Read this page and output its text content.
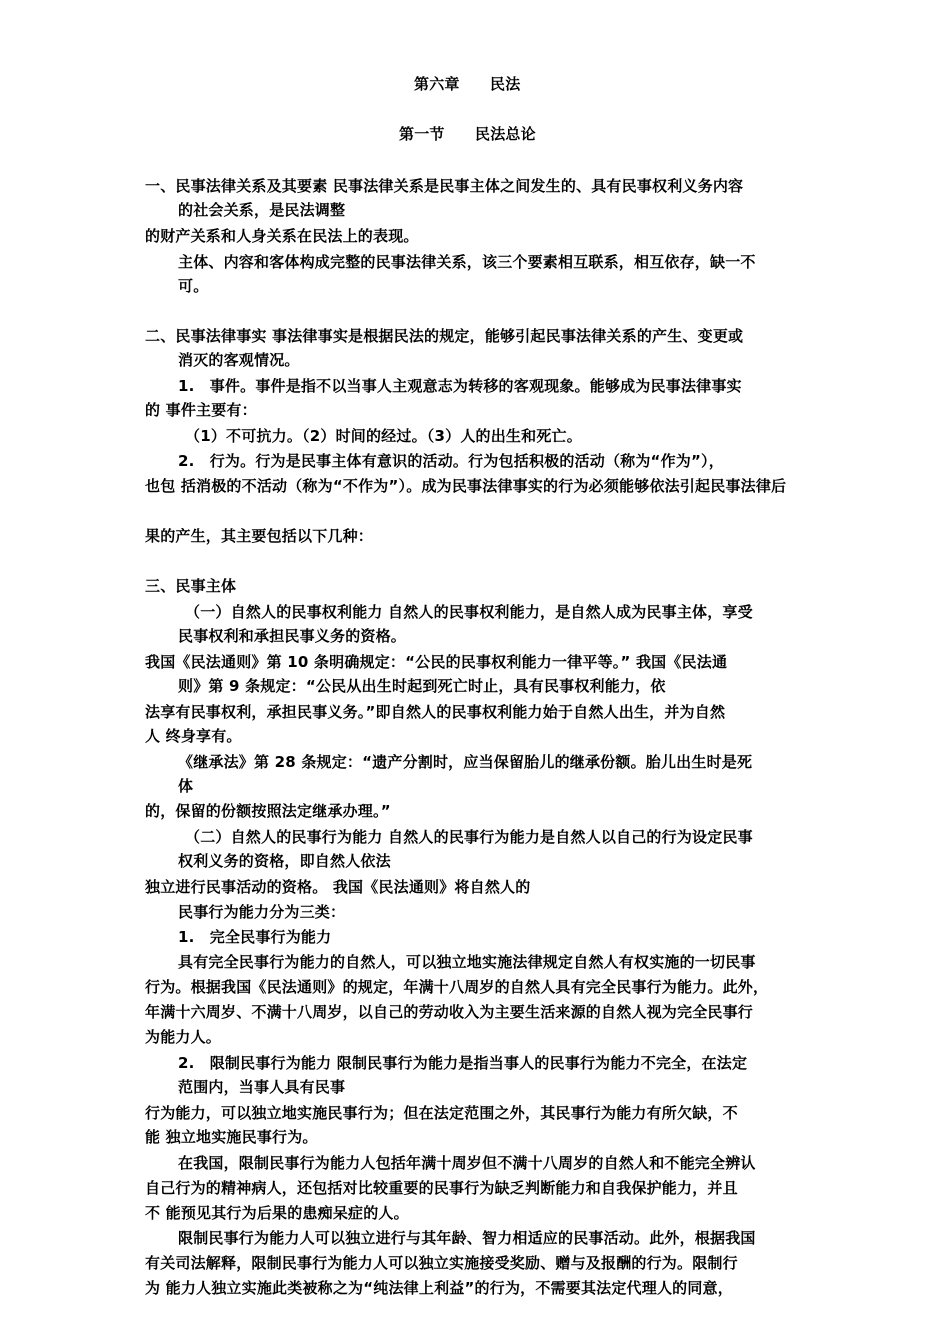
第六章　　民法
第一节　　民法总论
一、民事法律关系及其要素 民事法律关系是民事主体之间发生的、具有民事权利义务内容
的社会关系，是民法调整
的财产关系和人身关系在民法上的表现。
主体、内容和客体构成完整的民事法律关系，该三个要素相互联系，相互依存，缺一不
可。
二、民事法律事实 事法律事实是根据民法的规定，能够引起民事法律关系的产生、变更或
消灭的客观情况。
1.　事件。事件是指不以当事人主观意志为转移的客观现象。能够成为民事法律事实
的 事件主要有：
（1）不可抗力。（2）时间的经过。（3）人的出生和死亡。
2.　行为。行为是民事主体有意识的活动。行为包括积极的活动（称为“作为”），
也包 括消极的不活动（称为“不作为”）。成为民事法律事实的行为必须能够依法引起民事法律后
果的产生，其主要包括以下几种：
三、民事主体
（一）自然人的民事权利能力 自然人的民事权利能力，是自然人成为民事主体，享受
民事权利和承担民事义务的资格。
我国《民法通则》第 10 条明确规定：“公民的民事权利能力一律平等。” 我国《民法通
则》第 9 条规定：“公民从出生时起到死亡时止，具有民事权利能力，依
法享有民事权利，承担民事义务。”即自然人的民事权利能力始于自然人出生，并为自然
人 终身享有。
《继承法》第 28 条规定：“遗产分割时，应当保留胎儿的继承份额。胎儿出生时是死
体
的，保留的份额按照法定继承办理。”
（二）自然人的民事行为能力 自然人的民事行为能力是自然人以自己的行为设定民事
权利义务的资格，即自然人依法
独立进行民事活动的资格。 我国《民法通则》将自然人的
民事行为能力分为三类：
1.　完全民事行为能力
具有完全民事行为能力的自然人，可以独立地实施法律规定自然人有权实施的一切民事
行为。根据我国《民法通则》的规定，年满十八周岁的自然人具有完全民事行为能力。此外，
年满十六周岁、不满十八周岁，以自己的劳动收入为主要生活来源的自然人视为完全民事行
为能力人。
2.　限制民事行为能力 限制民事行为能力是指当事人的民事行为能力不完全，在法定
范围内，当事人具有民事
行为能力，可以独立地实施民事行为；但在法定范围之外，其民事行为能力有所欠缺，不
能 独立地实施民事行为。
在我国，限制民事行为能力人包括年满十周岁但不满十八周岁的自然人和不能完全辨认
自己行为的精神病人，还包括对比较重要的民事行为缺乏判断能力和自我保护能力，并且
不 能预见其行为后果的患痴呆症的人。
限制民事行为能力人可以独立进行与其年龄、智力相适应的民事活动。此外，根据我国
有关司法解释，限制民事行为能力人可以独立实施接受奖励、赠与及报酬的行为。限制行
为 能力人独立实施此类被称之为“纯法律上利益”的行为，不需要其法定代理人的同意，
